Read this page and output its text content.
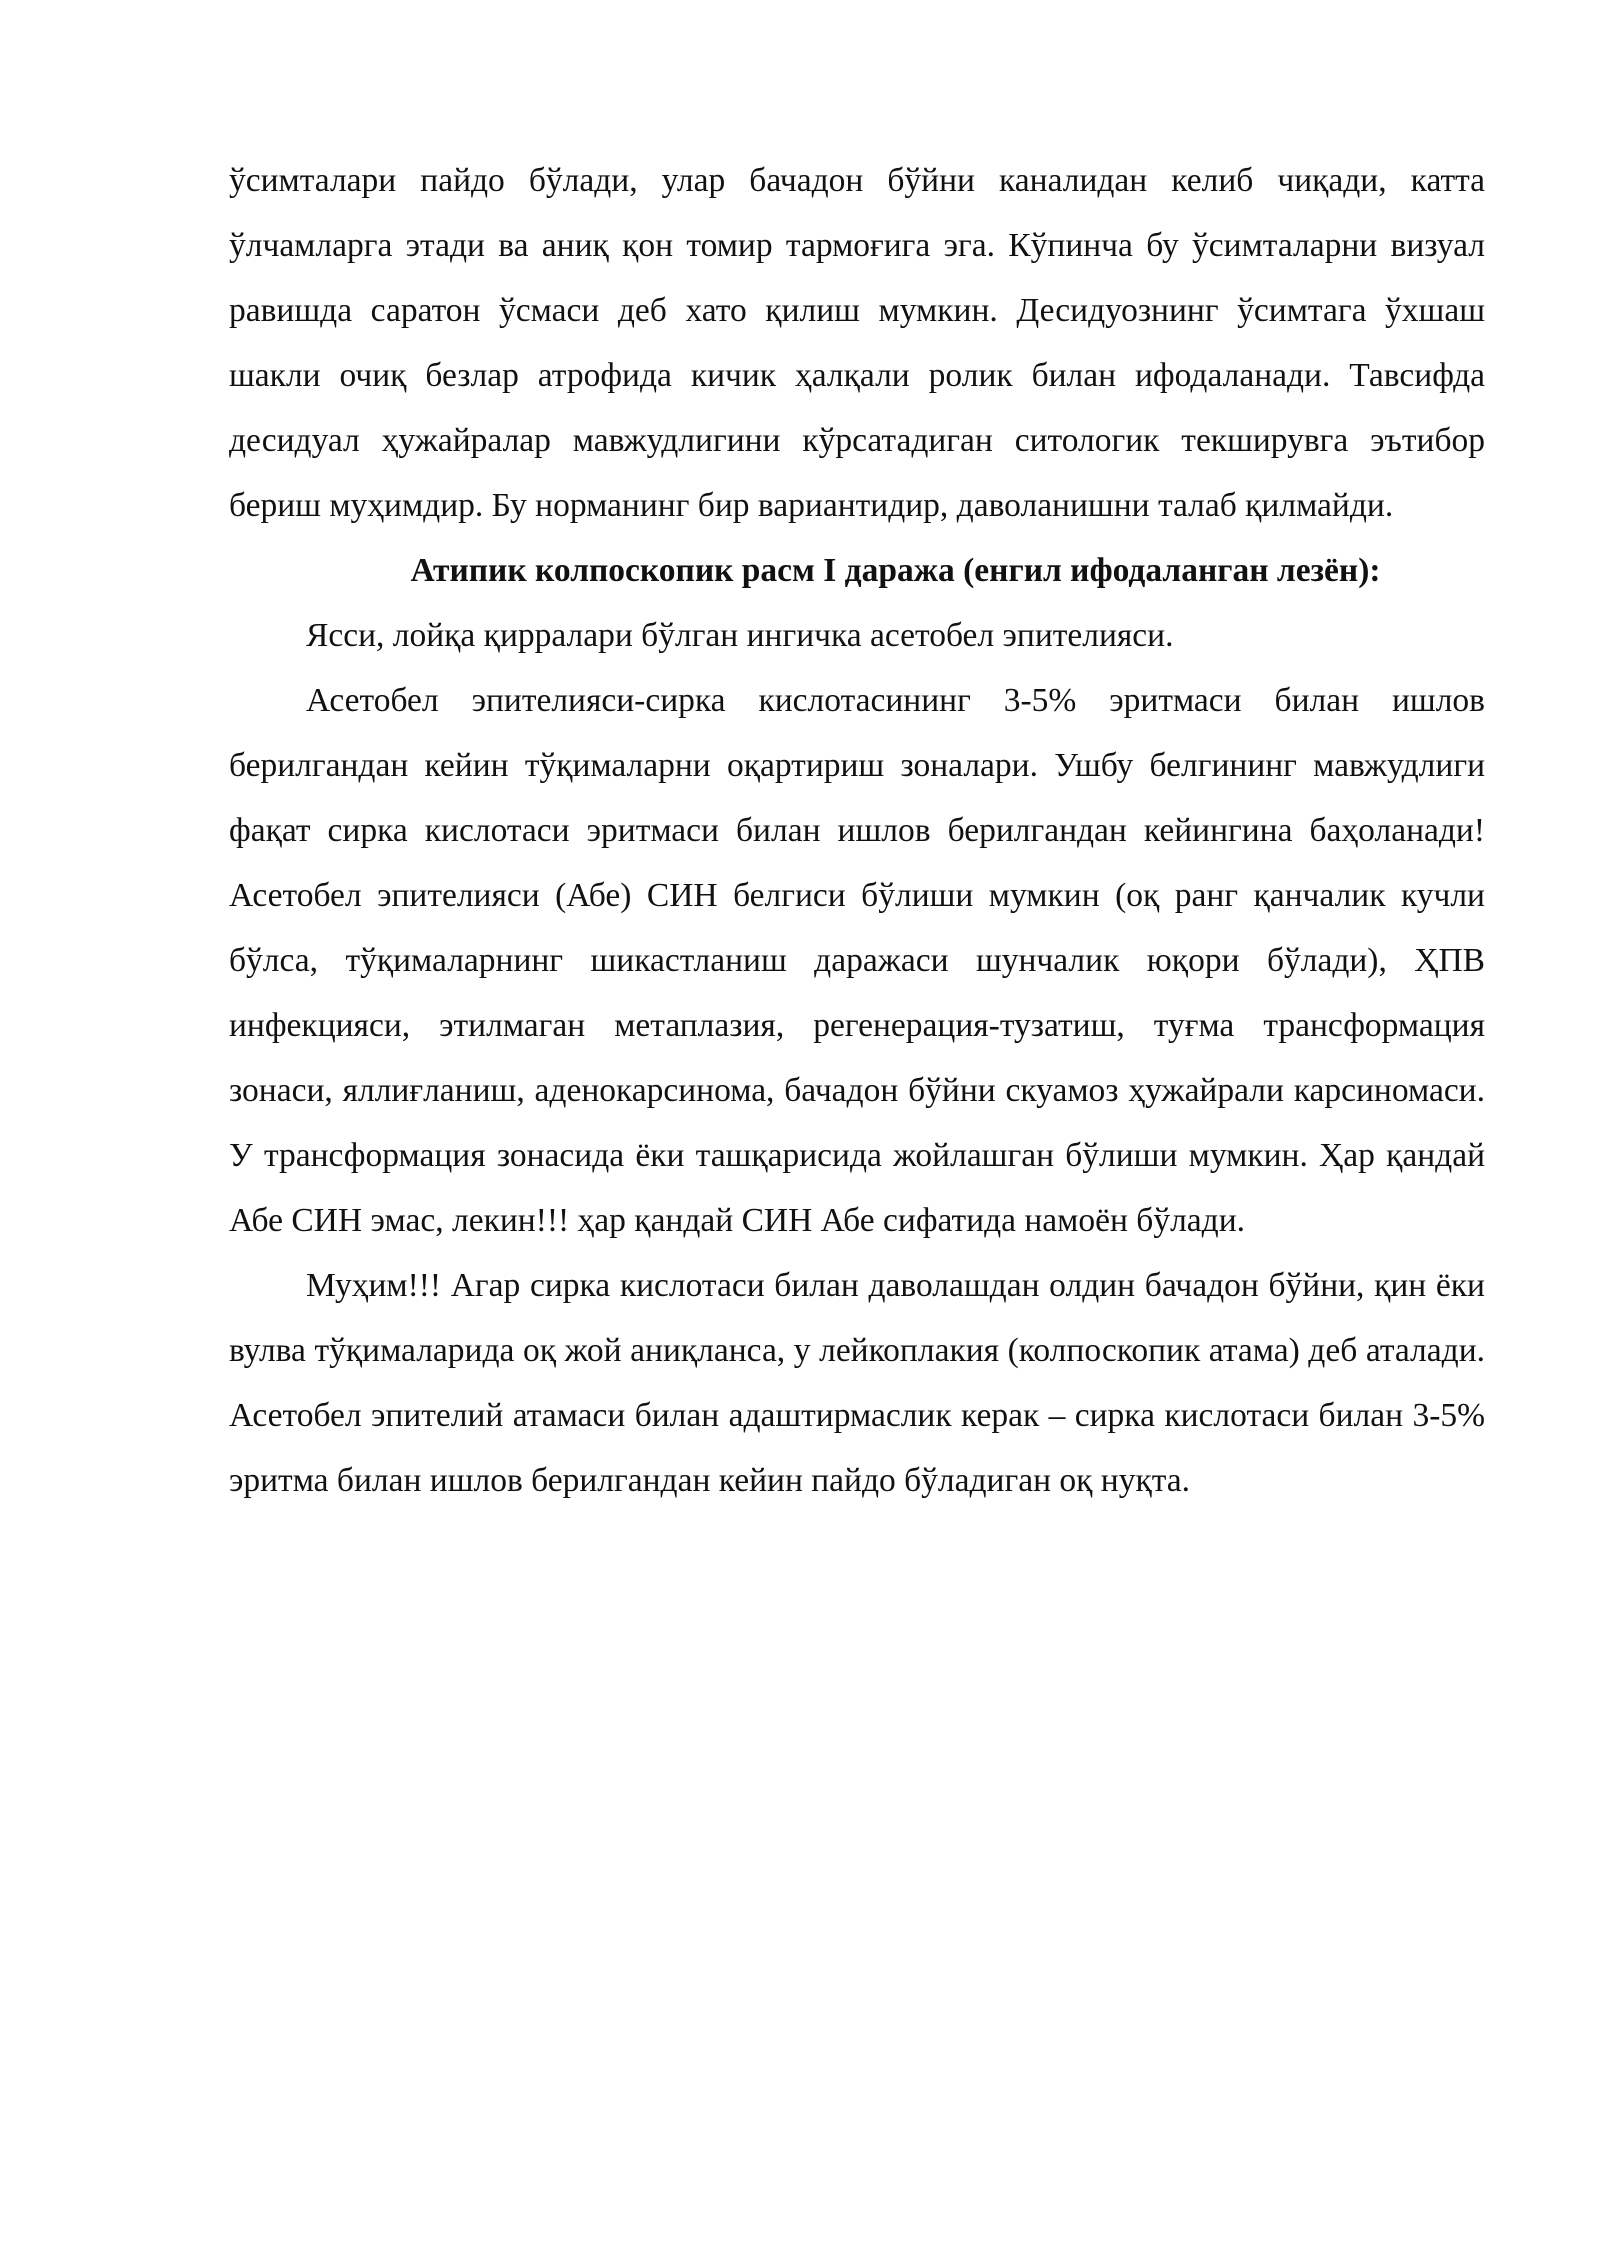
ўсимталари пайдо бўлади, улар бачадон бўйни каналидан келиб чиқади, катта ўлчамларга этади ва аниқ қон томир тармоғига эга. Кўпинча бу ўсимталарни визуал равишда саратон ўсмаси деб хато қилиш мумкин. Десидуознинг ўсимтага ўхшаш шакли очиқ безлар атрофида кичик ҳалқали ролик билан ифодаланади. Тавсифда десидуал ҳужайралар мавжудлигини кўрсатадиган ситологик текширувга эътибор бериш муҳимдир. Бу норманинг бир вариантидир, даволанишни талаб қилмайди.

Атипик колпоскопик расм I даража (енгил ифодаланган лезён):

Ясси, лойқа қирралари бўлган ингичка асетобел эпителияси.

Асетобел эпителияси-сирка кислотасининг 3-5% эритмаси билан ишлов берилгандан кейин тўқималарни оқартириш зоналари. Ушбу белгининг мавжудлиги фақат сирка кислотаси эритмаси билан ишлов берилгандан кейингина баҳоланади! Асетобел эпителияси (Абе) СИН белгиси бўлиши мумкин (оқ ранг қанчалик кучли бўлса, тўқималарнинг шикастланиш даражаси шунчалик юқори бўлади), ҲПВ инфекцияси, этилмаган метаплазия, регенерация-тузатиш, туғма трансформация зонаси, яллиғланиш, аденокарсинома, бачадон бўйни скуамоз ҳужайрали карсиномаси. У трансформация зонасида ёки ташқарисида жойлашган бўлиши мумкин. Ҳар қандай Абе СИН эмас, лекин!!! ҳар қандай СИН Абе сифатида намоён бўлади.

Муҳим!!! Агар сирка кислотаси билан даволашдан олдин бачадон бўйни, қин ёки вулва тўқималарида оқ жой аниқланса, у лейкоплакия (колпоскопик атама) деб аталади. Асетобел эпителий атамаси билан адаштирмаслик керак – сирка кислотаси билан 3-5% эритма билан ишлов берилгандан кейин пайдо бўладиган оқ нуқта.
